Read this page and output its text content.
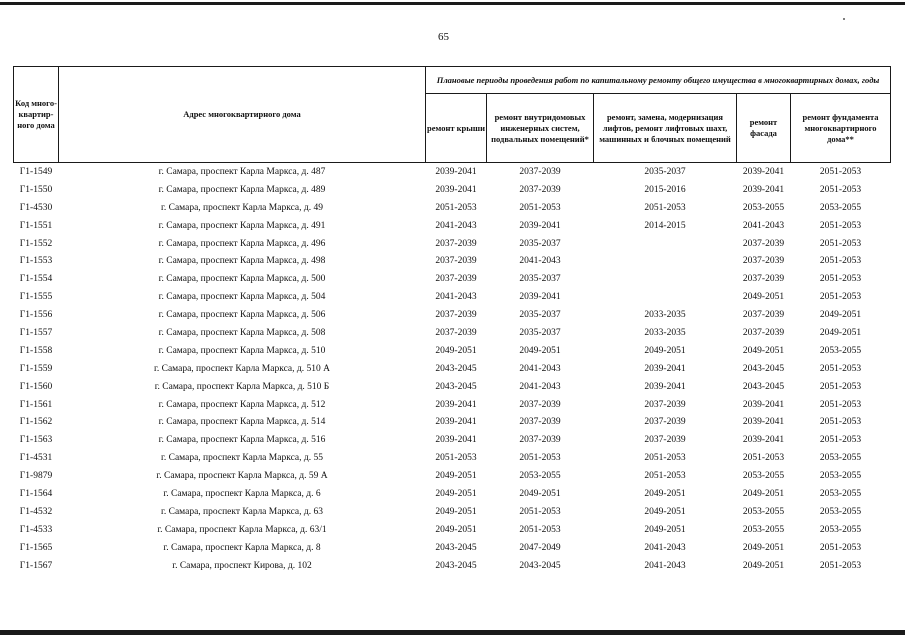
65
Код много-квартир-ного дома	Адрес многоквартирного дома	Плановые периоды проведения работ по капитальному ремонту общего имущества в многоквартирных домах, годы				
		ремонт крыши	ремонт внутридомовых инженерных систем, подвальных помещений*	ремонт, замена, модернизация лифтов, ремонт лифтовых шахт, машинных и блочных помещений	ремонт фасада	ремонт фундамента многоквартирного дома**
Г1-1549	г. Самара, проспект Карла Маркса, д. 487	2039-2041	2037-2039	2035-2037	2039-2041	2051-2053
Г1-1550	г. Самара, проспект Карла Маркса, д. 489	2039-2041	2037-2039	2015-2016	2039-2041	2051-2053
Г1-4530	г. Самара, проспект Карла Маркса, д. 49	2051-2053	2051-2053	2051-2053	2053-2055	2053-2055
Г1-1551	г. Самара, проспект Карла Маркса, д. 491	2041-2043	2039-2041	2014-2015	2041-2043	2051-2053
Г1-1552	г. Самара, проспект Карла Маркса, д. 496	2037-2039	2035-2037		2037-2039	2051-2053
Г1-1553	г. Самара, проспект Карла Маркса, д. 498	2037-2039	2041-2043		2037-2039	2051-2053
Г1-1554	г. Самара, проспект Карла Маркса, д. 500	2037-2039	2035-2037		2037-2039	2051-2053
Г1-1555	г. Самара, проспект Карла Маркса, д. 504	2041-2043	2039-2041		2049-2051	2051-2053
Г1-1556	г. Самара, проспект Карла Маркса, д. 506	2037-2039	2035-2037	2033-2035	2037-2039	2049-2051
Г1-1557	г. Самара, проспект Карла Маркса, д. 508	2037-2039	2035-2037	2033-2035	2037-2039	2049-2051
Г1-1558	г. Самара, проспект Карла Маркса, д. 510	2049-2051	2049-2051	2049-2051	2049-2051	2053-2055
Г1-1559	г. Самара, проспект Карла Маркса, д. 510 А	2043-2045	2041-2043	2039-2041	2043-2045	2051-2053
Г1-1560	г. Самара, проспект Карла Маркса, д. 510 Б	2043-2045	2041-2043	2039-2041	2043-2045	2051-2053
Г1-1561	г. Самара, проспект Карла Маркса, д. 512	2039-2041	2037-2039	2037-2039	2039-2041	2051-2053
Г1-1562	г. Самара, проспект Карла Маркса, д. 514	2039-2041	2037-2039	2037-2039	2039-2041	2051-2053
Г1-1563	г. Самара, проспект Карла Маркса, д. 516	2039-2041	2037-2039	2037-2039	2039-2041	2051-2053
Г1-4531	г. Самара, проспект Карла Маркса, д. 55	2051-2053	2051-2053	2051-2053	2051-2053	2053-2055
Г1-9879	г. Самара, проспект Карла Маркса, д. 59 А	2049-2051	2053-2055	2051-2053	2053-2055	2053-2055
Г1-1564	г. Самара, проспект Карла Маркса, д. 6	2049-2051	2049-2051	2049-2051	2049-2051	2053-2055
Г1-4532	г. Самара, проспект Карла Маркса, д. 63	2049-2051	2051-2053	2049-2051	2053-2055	2053-2055
Г1-4533	г. Самара, проспект Карла Маркса, д. 63/1	2049-2051	2051-2053	2049-2051	2053-2055	2053-2055
Г1-1565	г. Самара, проспект Карла Маркса, д. 8	2043-2045	2047-2049	2041-2043	2049-2051	2051-2053
Г1-1567	г. Самара, проспект Кирова, д. 102	2043-2045	2043-2045	2041-2043	2049-2051	2051-2053
